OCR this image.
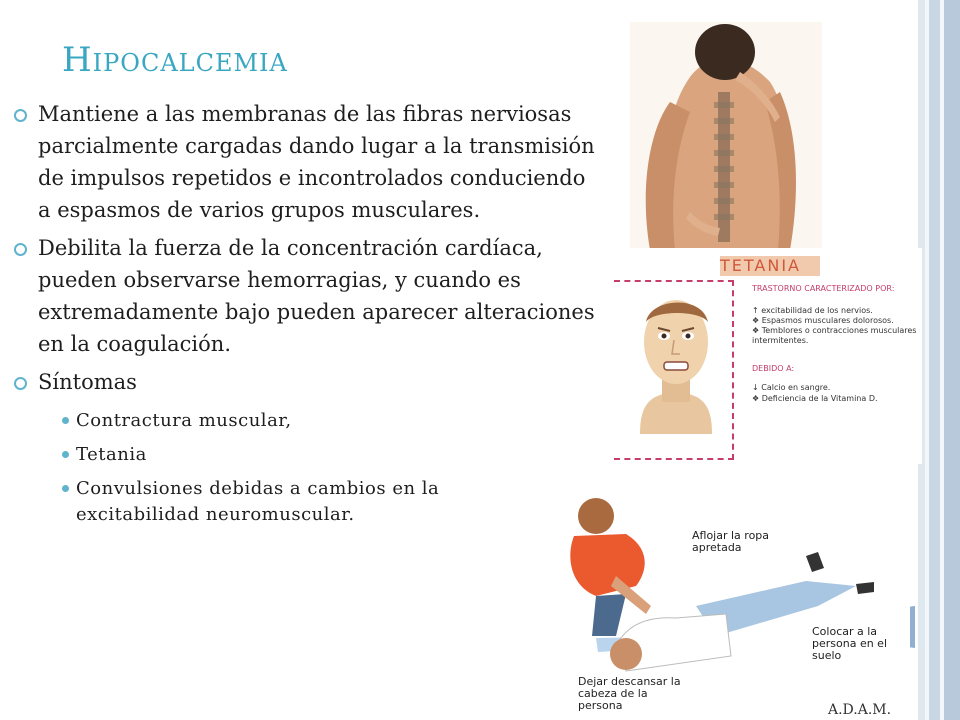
Hipocalcemia
Mantiene a las membranas de las fibras nerviosas parcialmente cargadas dando lugar a la transmisión de impulsos repetidos e incontrolados conduciendo a espasmos de varios grupos musculares.
Debilita la fuerza de la concentración cardíaca, pueden observarse hemorragias, y cuando es extremadamente bajo pueden aparecer alteraciones en la coagulación.
Síntomas
Contractura muscular,
Tetania
Convulsiones debidas a cambios en la excitabilidad neuromuscular.
TETANIA
TRASTORNO CARACTERIZADO POR:
↑ excitabilidad de los nervios.
❖ Espasmos musculares dolorosos.
❖ Temblores o contracciones musculares intermitentes.
DEBIDO A:
↓ Calcio en sangre.
❖ Deficiencia de la Vitamina D.
Aflojar la ropa apretada
Colocar a la persona en el suelo
Dejar descansar la cabeza de la persona	A.D.A.M.
